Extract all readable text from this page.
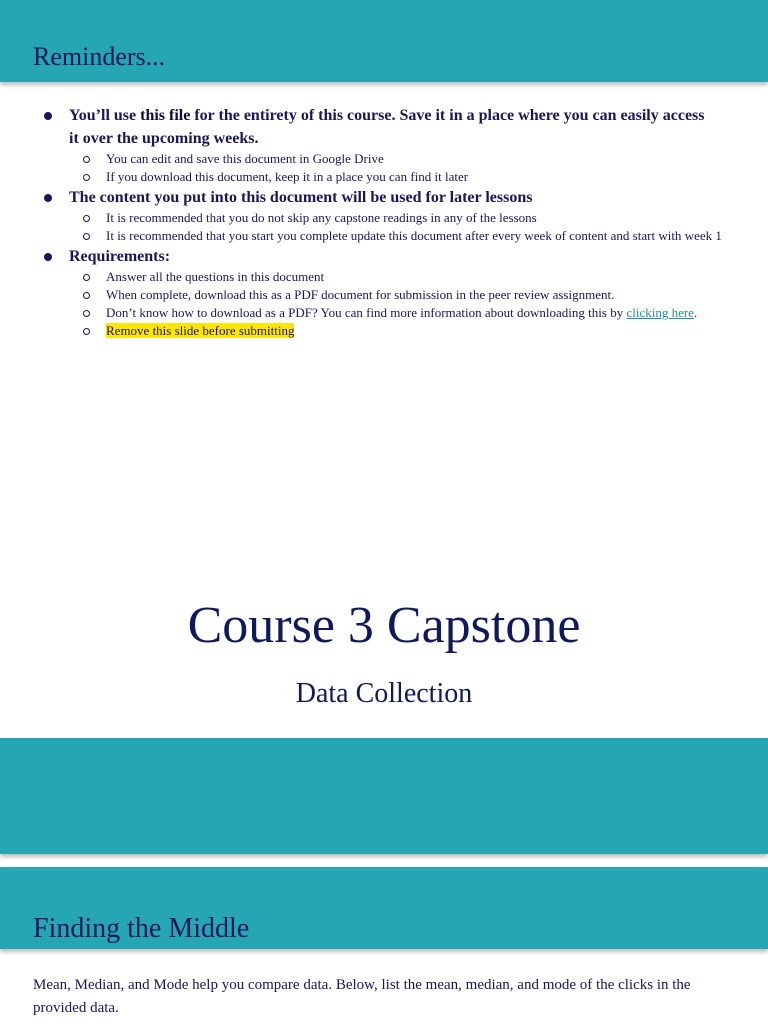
Reminders...
You’ll use this file for the entirety of this course. Save it in a place where you can easily access it over the upcoming weeks.
You can edit and save this document in Google Drive
If you download this document, keep it in a place you can find it later
The content you put into this document will be used for later lessons
It is recommended that you do not skip any capstone readings in any of the lessons
It is recommended that you start you complete update this document after every week of content and start with week 1
Requirements:
Answer all the questions in this document
When complete, download this as a PDF document for submission in the peer review assignment.
Don’t know how to download as a PDF? You can find more information about downloading this by clicking here.
Remove this slide before submitting
Course 3 Capstone
Data Collection
Finding the Middle
Mean, Median, and Mode help you compare data. Below, list the mean, median, and mode of the clicks in the provided data.
